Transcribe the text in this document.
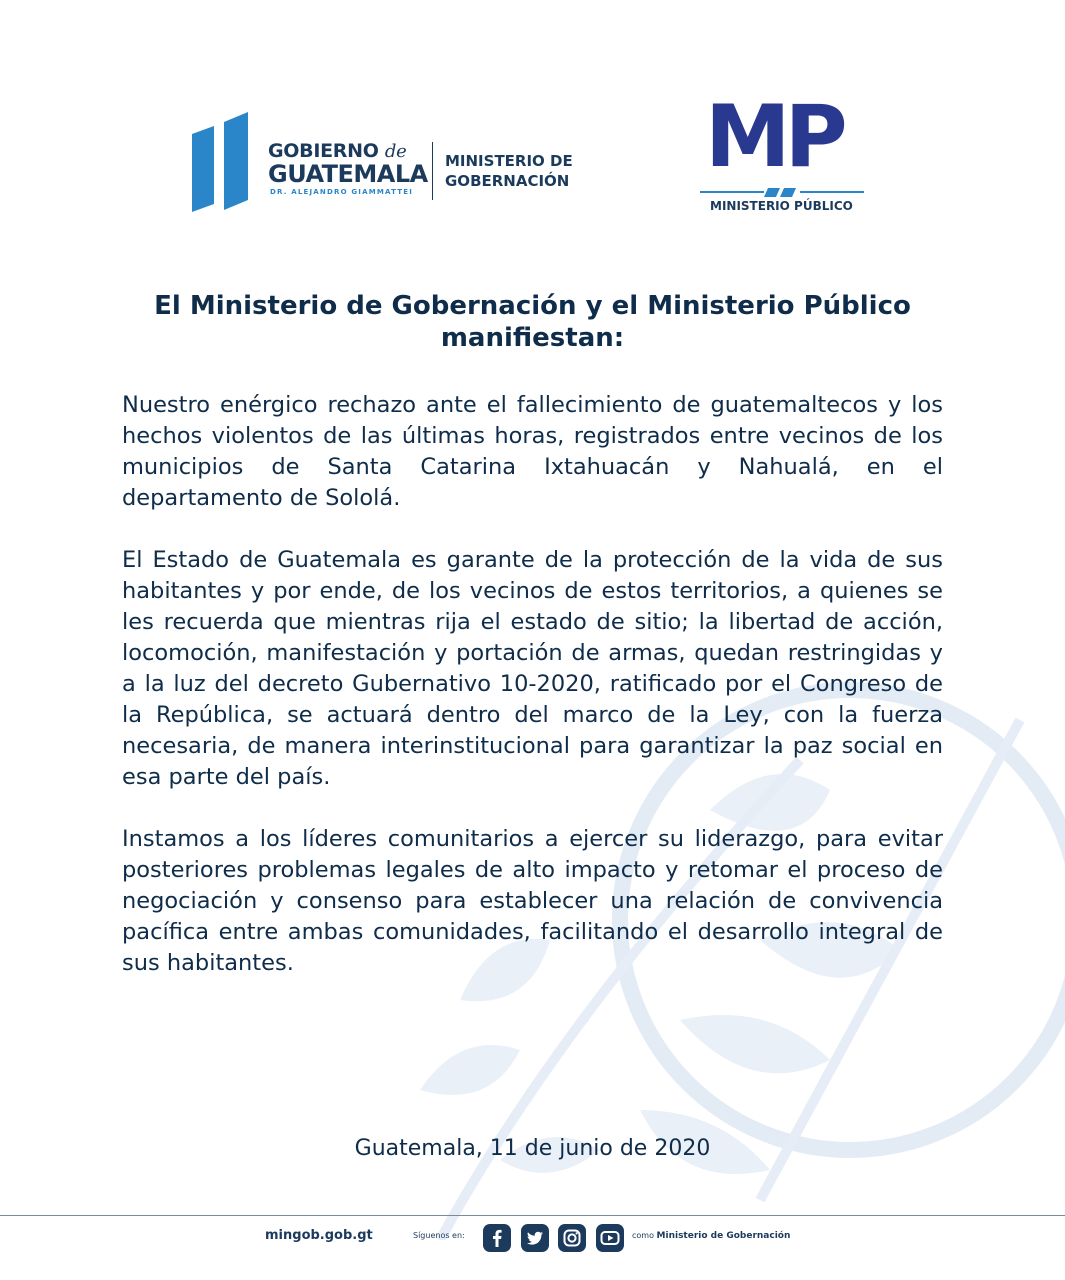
GOBIERNO de
GUATEMALA
DR. ALEJANDRO GIAMMATTEI
MINISTERIO DE
GOBERNACIÓN MP
MINISTERIO PÚBLICO
El Ministerio de Gobernación y el Ministerio Público manifiestan:

Nuestro enérgico rechazo ante el fallecimiento de guatemaltecos y los hechos violentos de las últimas horas, registrados entre vecinos de los municipios de Santa Catarina Ixtahuacán y Nahualá, en el departamento de Sololá.

El Estado de Guatemala es garante de la protección de la vida de sus habitantes y por ende, de los vecinos de estos territorios, a quienes se les recuerda que mientras rija el estado de sitio; la libertad de acción, locomoción, manifestación y portación de armas, quedan restringidas y a la luz del decreto Gubernativo 10-2020, ratificado por el Congreso de la República, se actuará dentro del marco de la Ley, con la fuerza necesaria, de manera interinstitucional para garantizar la paz social en esa parte del país.

Instamos a los líderes comunitarios a ejercer su liderazgo, para evitar posteriores problemas legales de alto impacto y retomar el proceso de negociación y consenso para establecer una relación de convivencia pacífica entre ambas comunidades, facilitando el desarrollo integral de sus habitantes.

Guatemala, 11 de junio de 2020
mingob.gob.gt	Síguenos en:	como Ministerio de Gobernación
